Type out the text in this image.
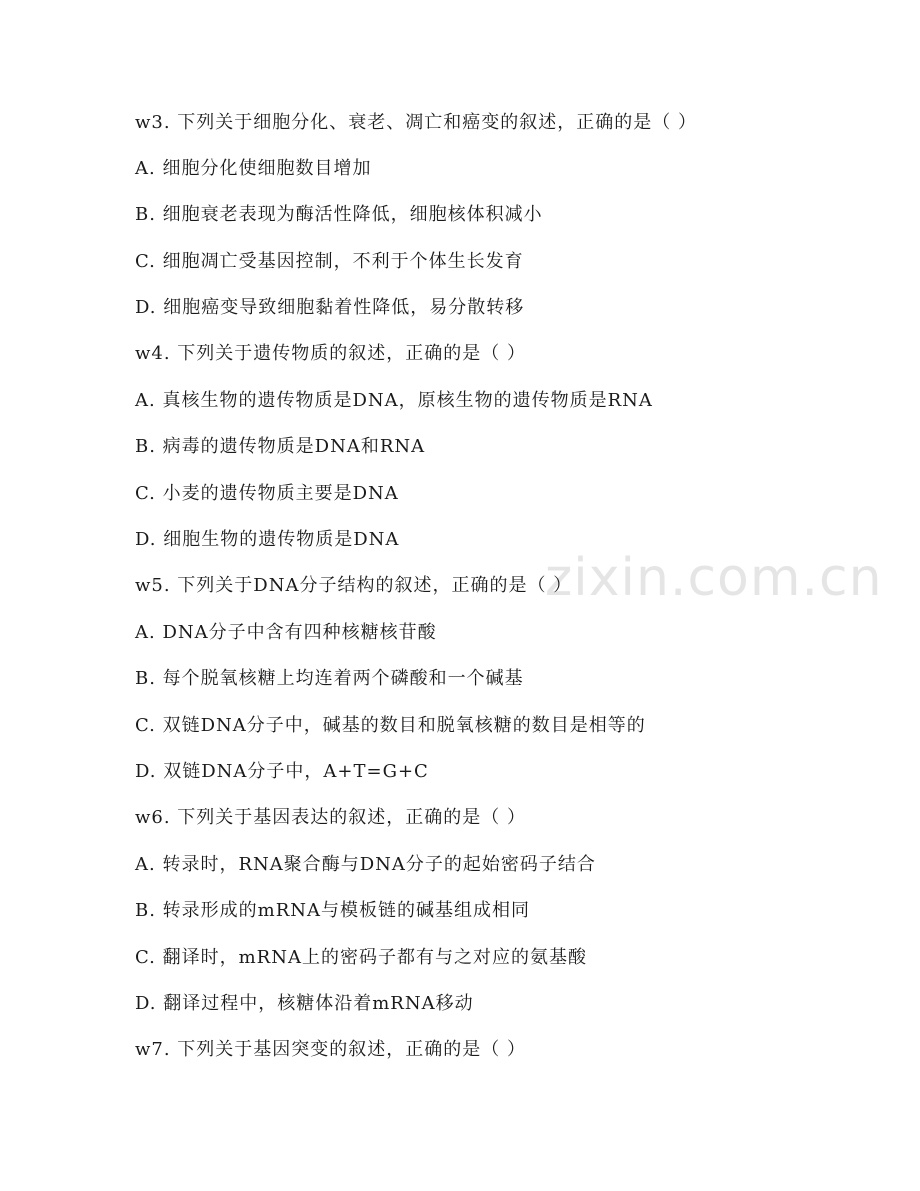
zixin.com.cn
w3. 下列关于细胞分化、衰老、凋亡和癌变的叙述，正确的是（ ）
A. 细胞分化使细胞数目增加
B. 细胞衰老表现为酶活性降低，细胞核体积减小
C. 细胞凋亡受基因控制，不利于个体生长发育
D. 细胞癌变导致细胞黏着性降低，易分散转移
w4. 下列关于遗传物质的叙述，正确的是（ ）
A. 真核生物的遗传物质是DNA，原核生物的遗传物质是RNA
B. 病毒的遗传物质是DNA和RNA
C. 小麦的遗传物质主要是DNA
D. 细胞生物的遗传物质是DNA
w5. 下列关于DNA分子结构的叙述，正确的是（ ）
A. DNA分子中含有四种核糖核苷酸
B. 每个脱氧核糖上均连着两个磷酸和一个碱基
C. 双链DNA分子中，碱基的数目和脱氧核糖的数目是相等的
D. 双链DNA分子中，A+T=G+C
w6. 下列关于基因表达的叙述，正确的是（ ）
A. 转录时，RNA聚合酶与DNA分子的起始密码子结合
B. 转录形成的mRNA与模板链的碱基组成相同
C. 翻译时，mRNA上的密码子都有与之对应的氨基酸
D. 翻译过程中，核糖体沿着mRNA移动
w7. 下列关于基因突变的叙述，正确的是（ ）
